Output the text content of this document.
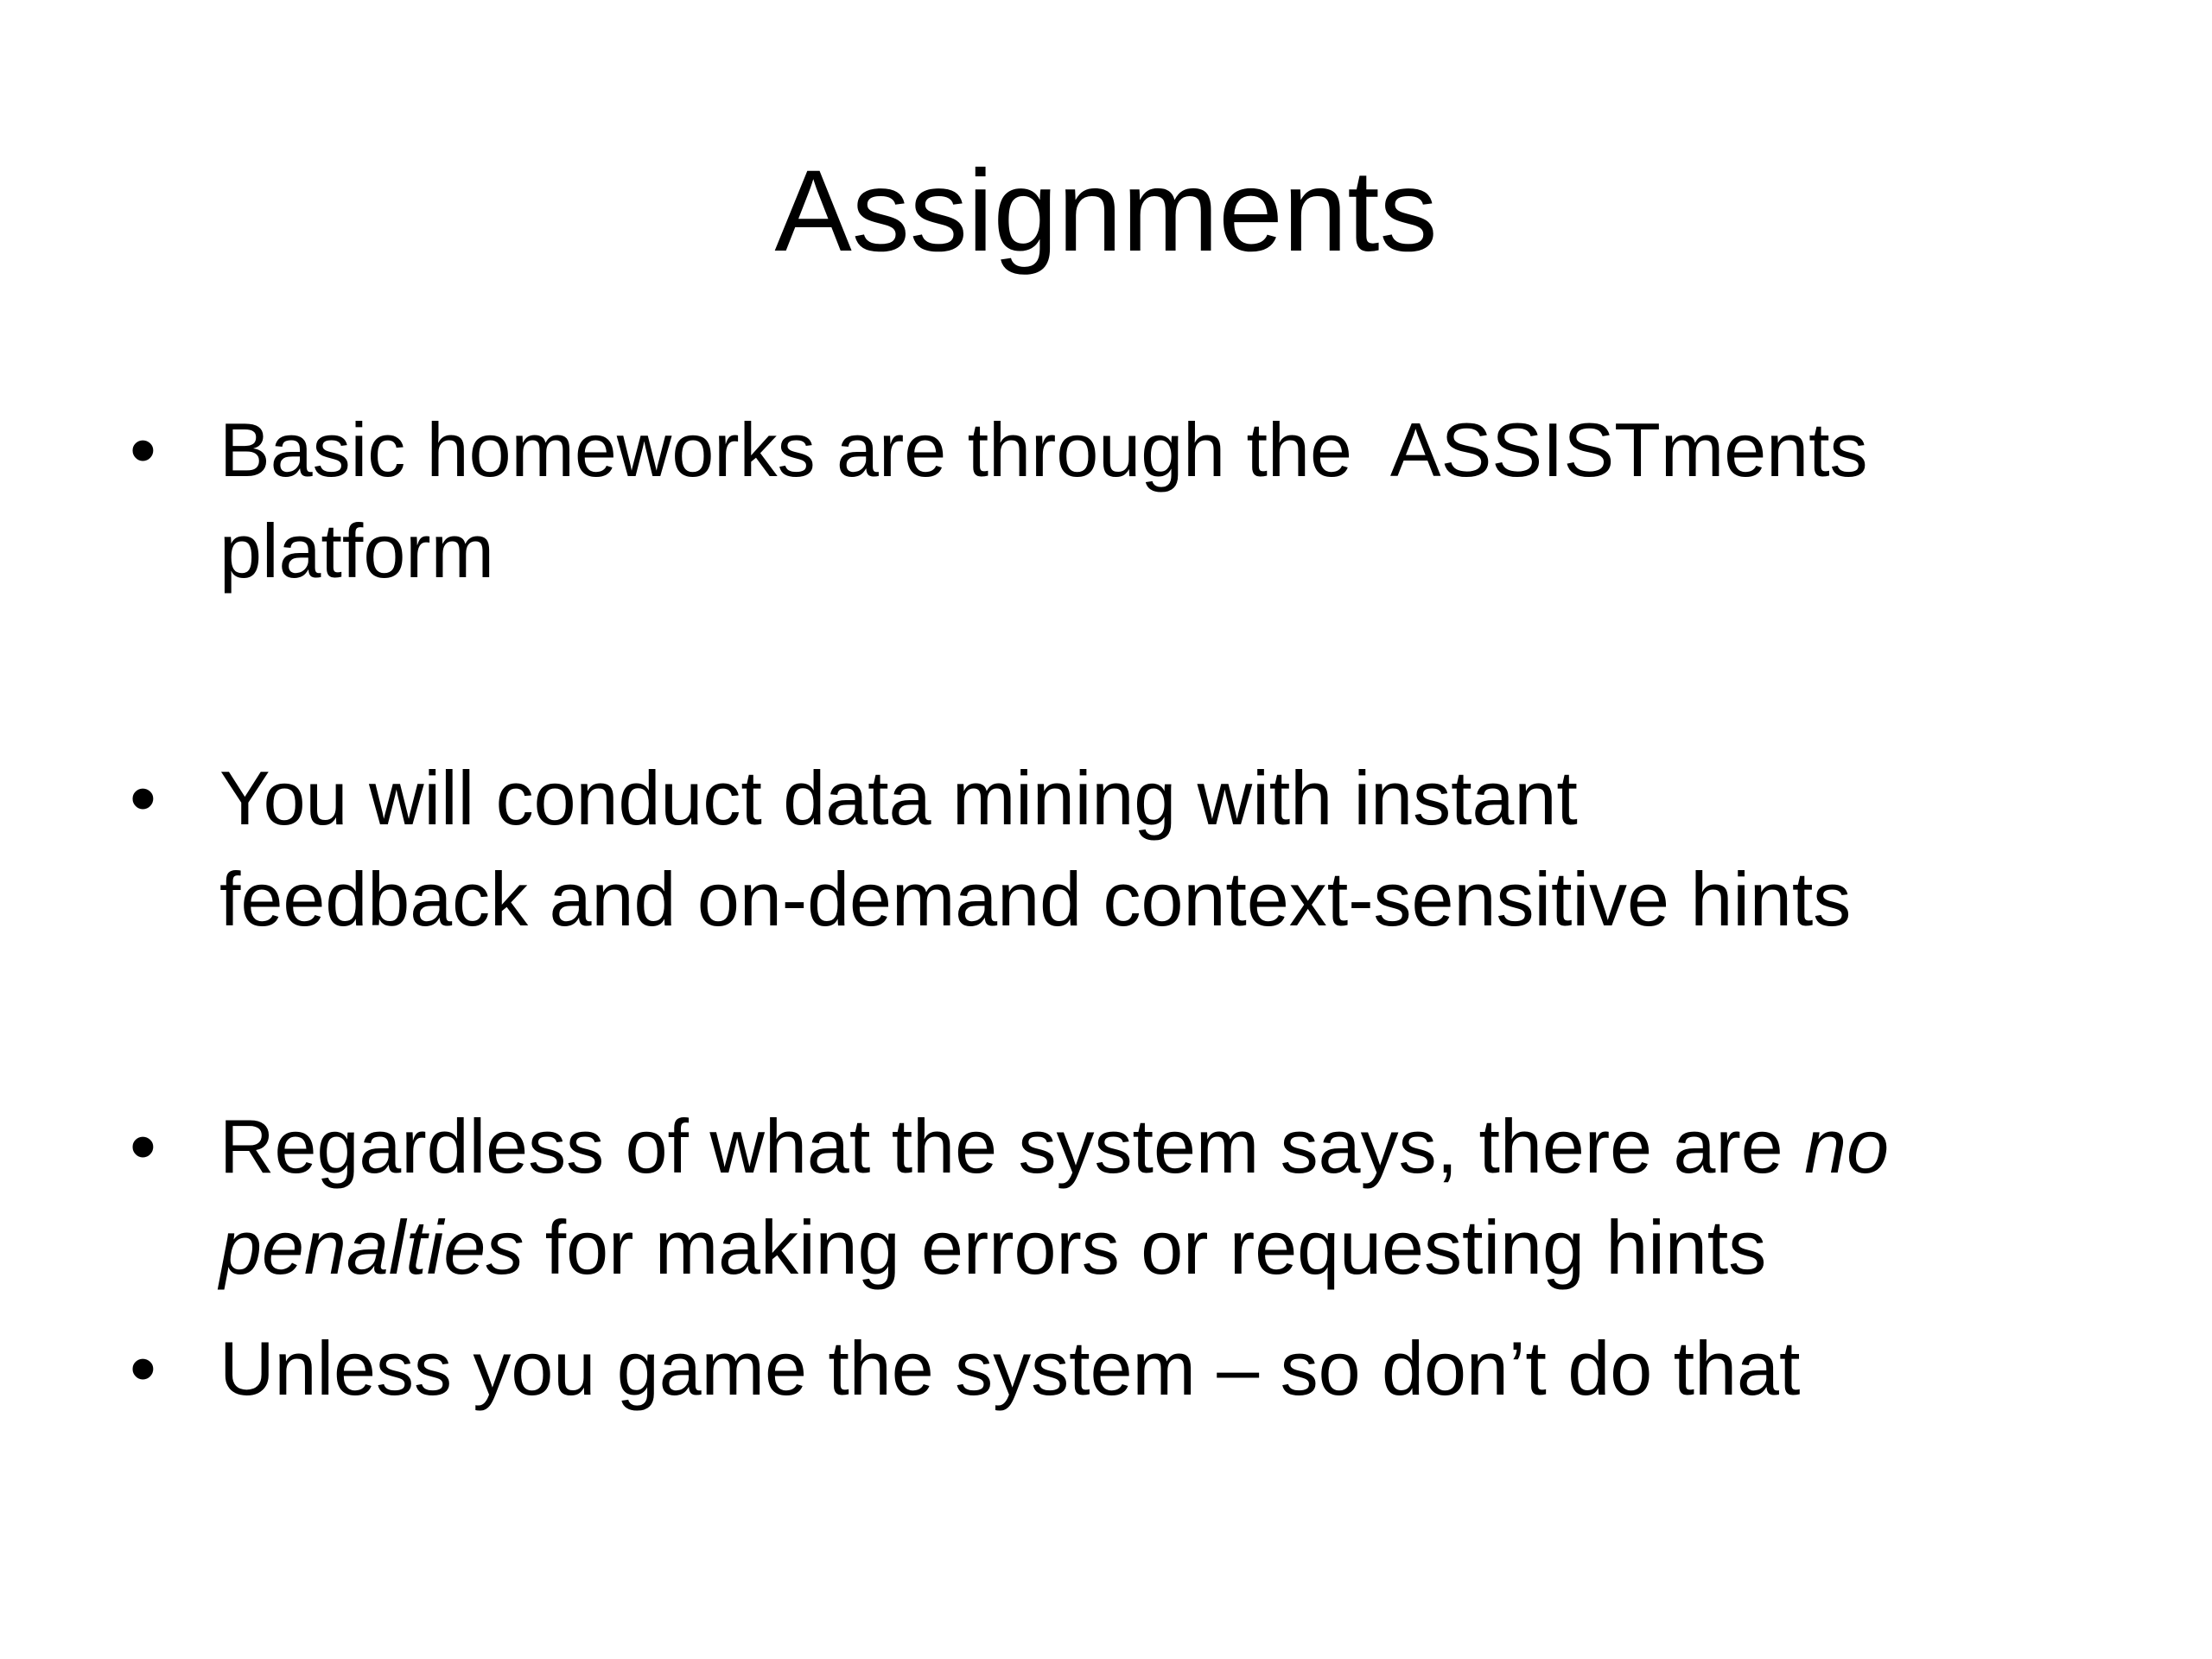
Assignments
• Basic homeworks are through the  ASSISTments
platform
• You will conduct data mining with instant
feedback and on-demand context-sensitive hints
• Regardless of what the system says, there are no
penalties for making errors or requesting hints
• Unless you game the system – so don’t do that
